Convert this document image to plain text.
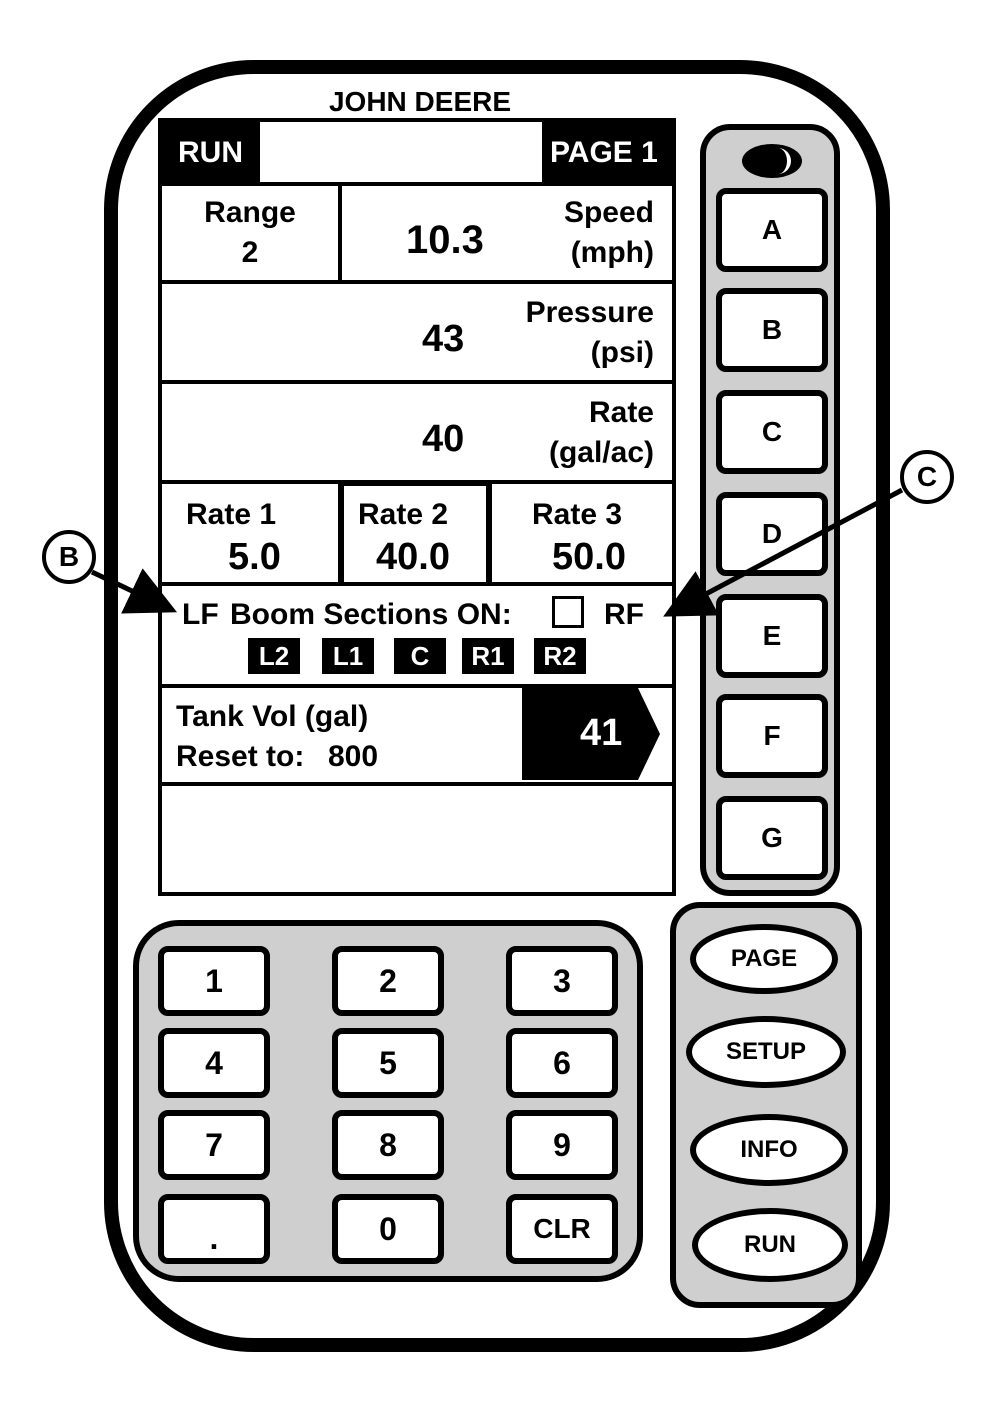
JOHN DEERE
RUN	PAGE 1
Range
2	10.3
Speed
(mph)
43
Pressure
(psi)
40
Rate
(gal/ac)
Rate 1
5.0
Rate 2
40.0
Rate 3
50.0
LF Boom Sections ON:	RF
L2	L1	C	R1	R2
Tank Vol (gal)
Reset to: 800
41
A
B
C
D
E
F
G
1	2	3
4	5	6
7	8	9
.	0	CLR
PAGE
SETUP
INFO
RUN
B
C
